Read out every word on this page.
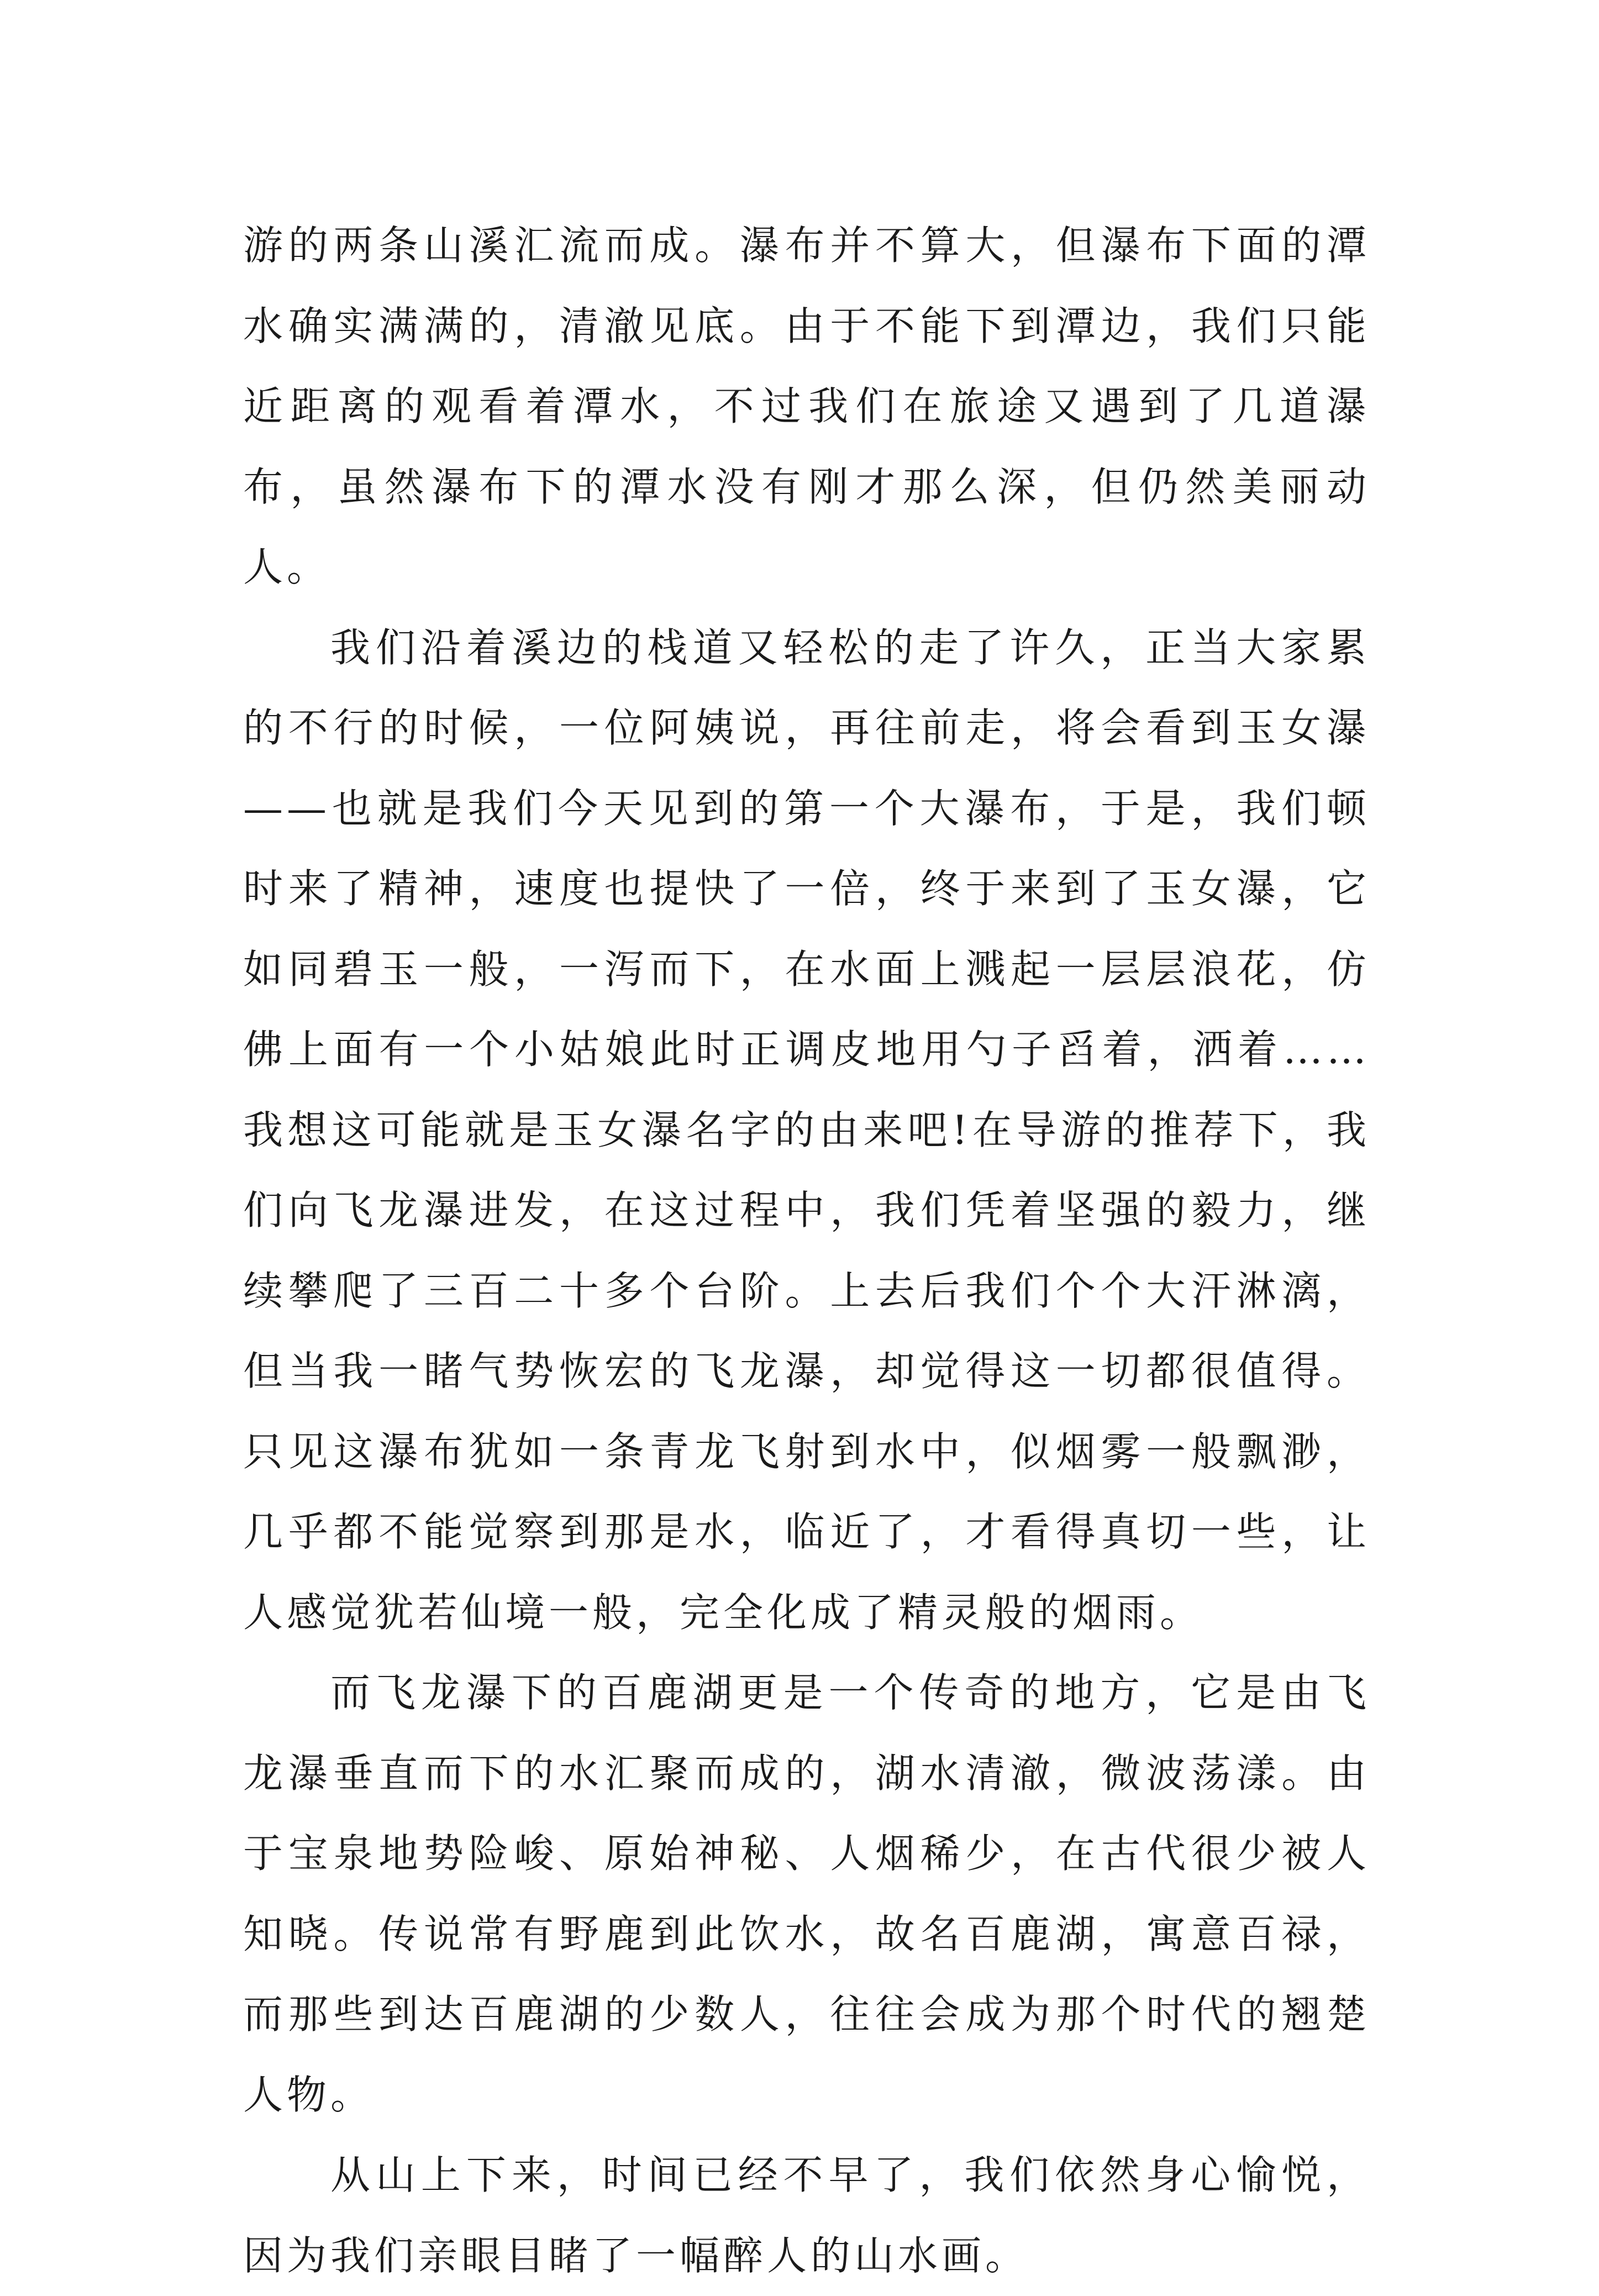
游的两条山溪汇流而成。瀑布并不算大，但瀑布下面的潭水确实满满的，清澈见底。由于不能下到潭边，我们只能近距离的观看着潭水，不过我们在旅途又遇到了几道瀑布，虽然瀑布下的潭水没有刚才那么深，但仍然美丽动人。

我们沿着溪边的栈道又轻松的走了许久，正当大家累的不行的时候，一位阿姨说，再往前走，将会看到玉女瀑——也就是我们今天见到的第一个大瀑布，于是，我们顿时来了精神，速度也提快了一倍，终于来到了玉女瀑，它如同碧玉一般，一泻而下，在水面上溅起一层层浪花，仿佛上面有一个小姑娘此时正调皮地用勺子舀着，洒着……我想这可能就是玉女瀑名字的由来吧!在导游的推荐下，我们向飞龙瀑进发，在这过程中，我们凭着坚强的毅力，继续攀爬了三百二十多个台阶。上去后我们个个大汗淋漓，但当我一睹气势恢宏的飞龙瀑，却觉得这一切都很值得。只见这瀑布犹如一条青龙飞射到水中，似烟雾一般飘渺，几乎都不能觉察到那是水，临近了，才看得真切一些，让人感觉犹若仙境一般，完全化成了精灵般的烟雨。

而飞龙瀑下的百鹿湖更是一个传奇的地方，它是由飞龙瀑垂直而下的水汇聚而成的，湖水清澈，微波荡漾。由于宝泉地势险峻、原始神秘、人烟稀少，在古代很少被人知晓。传说常有野鹿到此饮水，故名百鹿湖，寓意百禄，而那些到达百鹿湖的少数人，往往会成为那个时代的翘楚人物。

从山上下来，时间已经不早了，我们依然身心愉悦，因为我们亲眼目睹了一幅醉人的山水画。
